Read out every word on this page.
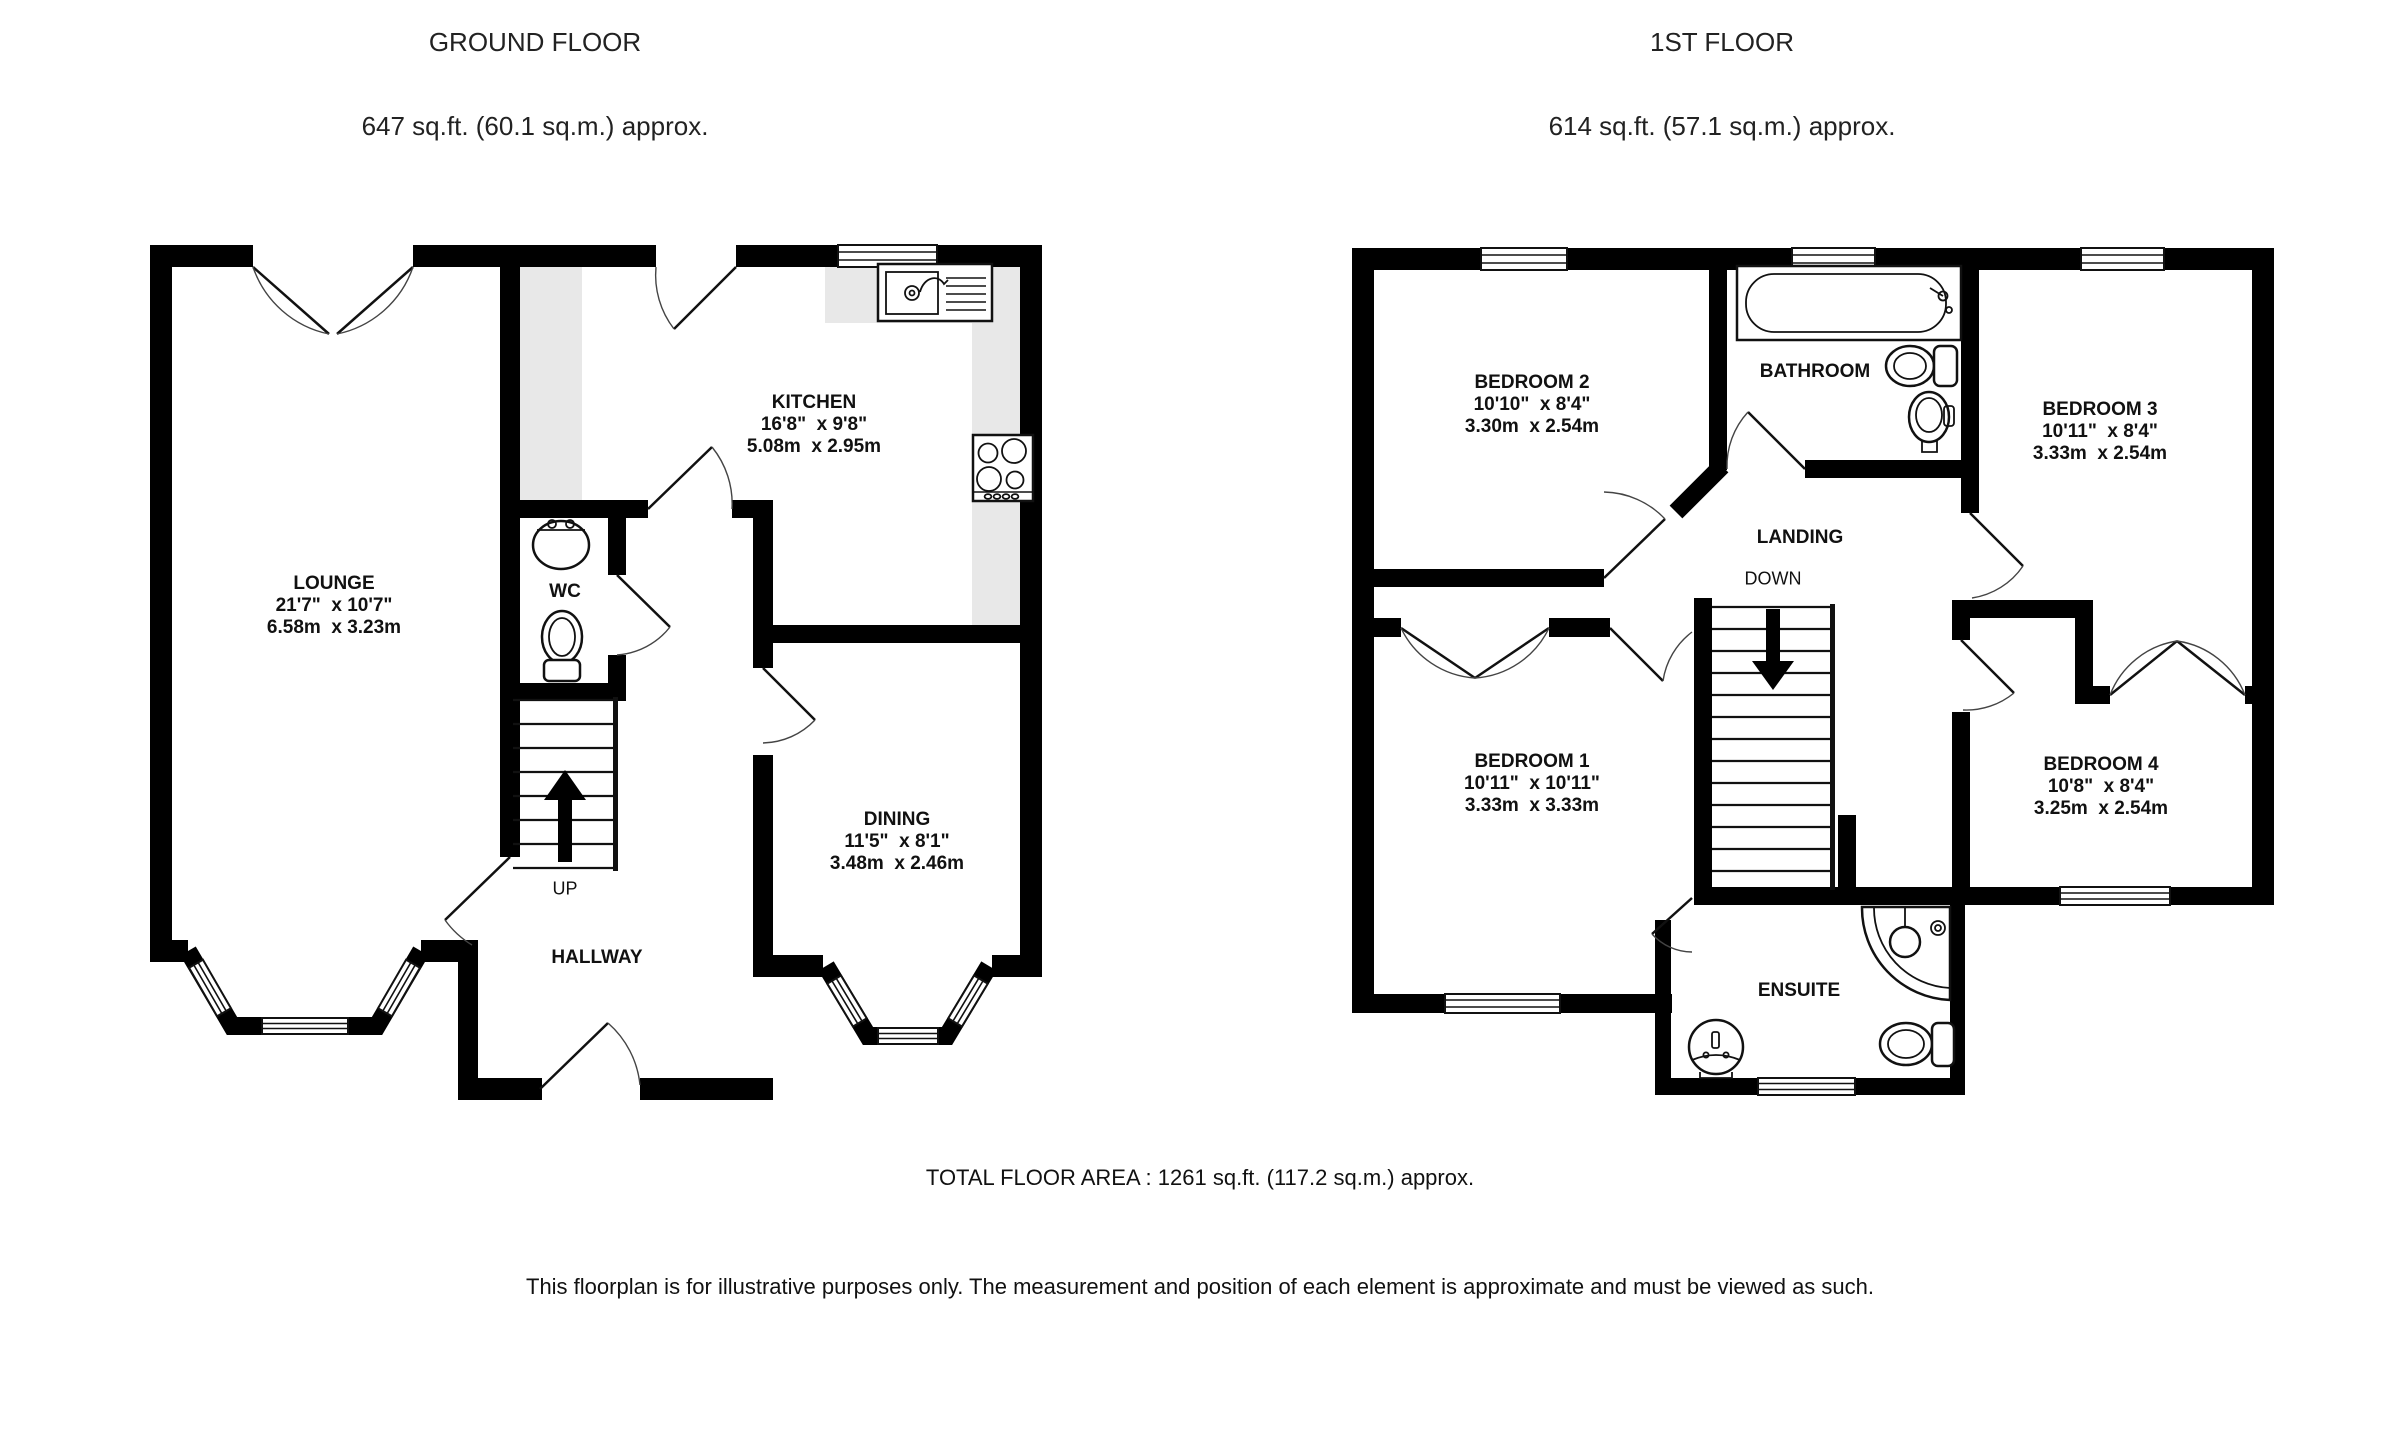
GROUND FLOOR

647 sq.ft. (60.1 sq.m.) approx.

1ST FLOOR

614 sq.ft. (57.1 sq.m.) approx.

LOUNGE
21'7"  x 10'7"
6.58m  x 3.23m
KITCHEN
16'8"  x 9'8"
5.08m  x 2.95m
DINING
11'5"  x 8'1"
3.48m  x 2.46m
WC
HALLWAY
UP
BEDROOM 2
10'10"  x 8'4"
3.30m  x 2.54m
BATHROOM
BEDROOM 3
10'11"  x 8'4"
3.33m  x 2.54m
LANDING
DOWN
BEDROOM 1
10'11"  x 10'11"
3.33m  x 3.33m
BEDROOM 4
10'8"  x 8'4"
3.25m  x 2.54m
ENSUITE
TOTAL FLOOR AREA : 1261 sq.ft. (117.2 sq.m.) approx.
This floorplan is for illustrative purposes only. The measurement and position of each element is approximate and must be viewed as such.
